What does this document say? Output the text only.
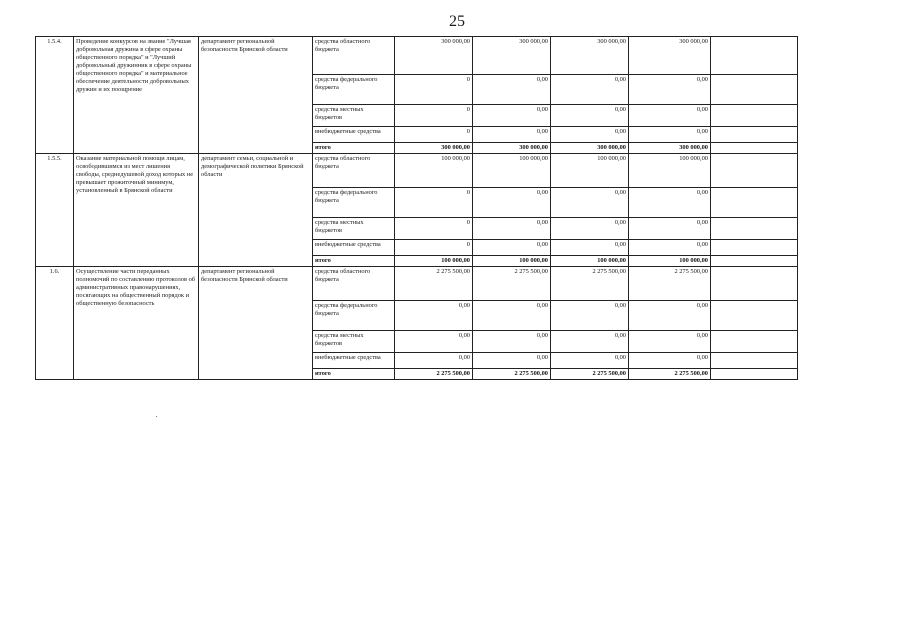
25
1.5.4.	Проведение конкурсов на звание "Лучшая добровольная дружина в сфере охраны общественного порядка" и "Лучший добровольный дружинник в сфере охраны общественного порядка" и материальное обеспечение деятельности добровольных дружин и их поощрение	департамент региональной безопасности Брянской области	средства областного бюджета	300 000,00	300 000,00	300 000,00	300 000,00	
			средства федерального бюджета	0	0,00	0,00	0,00	
			средства местных бюджетов	0	0,00	0,00	0,00	
			внебюджетные средства	0	0,00	0,00	0,00	
			итого	300 000,00	300 000,00	300 000,00	300 000,00	
1.5.5.	Оказание материальной помощи лицам, освободившимся из мест лишения свободы, среднедушевой доход которых не превышает прожиточный минимум, установленный в Брянской области	департамент семьи, социальной и демографической политики Брянской области	средства областного бюджета	100 000,00	100 000,00	100 000,00	100 000,00	
			средства федерального бюджета	0	0,00	0,00	0,00	
			средства местных бюджетов	0	0,00	0,00	0,00	
			внебюджетные средства	0	0,00	0,00	0,00	
			итого	100 000,00	100 000,00	100 000,00	100 000,00	
1.6.	Осуществление части переданных полномочий по составлению протоколов об административных правонарушениях, посягающих на общественный порядок и общественную безопасность	департамент региональной безопасности Брянской области	средства областного бюджета	2 275 500,00	2 275 500,00	2 275 500,00	2 275 500,00	
			средства федерального бюджета	0,00	0,00	0,00	0,00	
			средства местных бюджетов	0,00	0,00	0,00	0,00	
			внебюджетные средства	0,00	0,00	0,00	0,00	
			итого	2 275 500,00	2 275 500,00	2 275 500,00	2 275 500,00	
